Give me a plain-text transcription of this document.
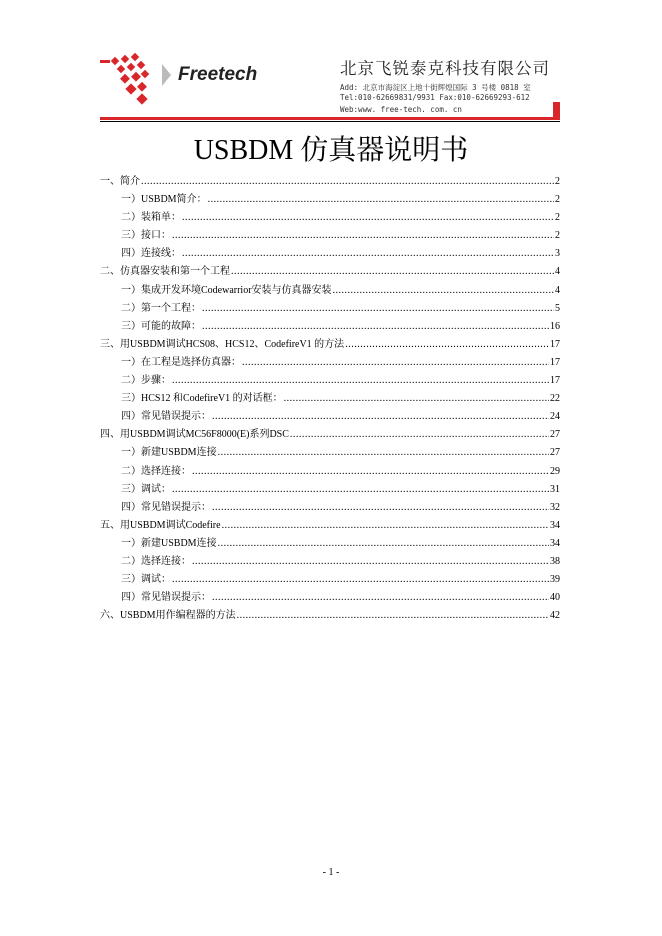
Freetech	北京飞锐泰克科技有限公司
Add: 北京市海淀区上地十街辉煌国际 3 号楼 0818 室
Tel:010-62669831/9931 Fax:010-62669293-612
Web:www. free-tech. com. cn
USBDM 仿真器说明书
一、简介 .....	2
一）USBDM简介： .....	2
二）装箱单： .....	2
三）接口： .....	2
四）连接线： .....	3
二、仿真器安装和第一个工程 .....	4
一）集成开发环境Codewarrior安装与仿真器安装 .....	4
二）第一个工程： .....	5
三）可能的故障： .....	16
三、用USBDM调试HCS08、HCS12、CodefireV1 的方法 .....	17
一）在工程是选择仿真器： .....	17
二）步骤： .....	17
三）HCS12 和CodefireV1 的对话框： .....	22
四）常见错误提示： .....	24
四、用USBDM调试MC56F8000(E)系列DSC .....	27
一）新建USBDM连接 .....	27
二）选择连接： .....	29
三）调试： .....	31
四）常见错误提示： .....	32
五、用USBDM调试Codefire .....	34
一）新建USBDM连接 .....	34
二）选择连接： .....	38
三）调试： .....	39
四）常见错误提示： .....	40
六、USBDM用作编程器的方法 .....	42
- 1 -
